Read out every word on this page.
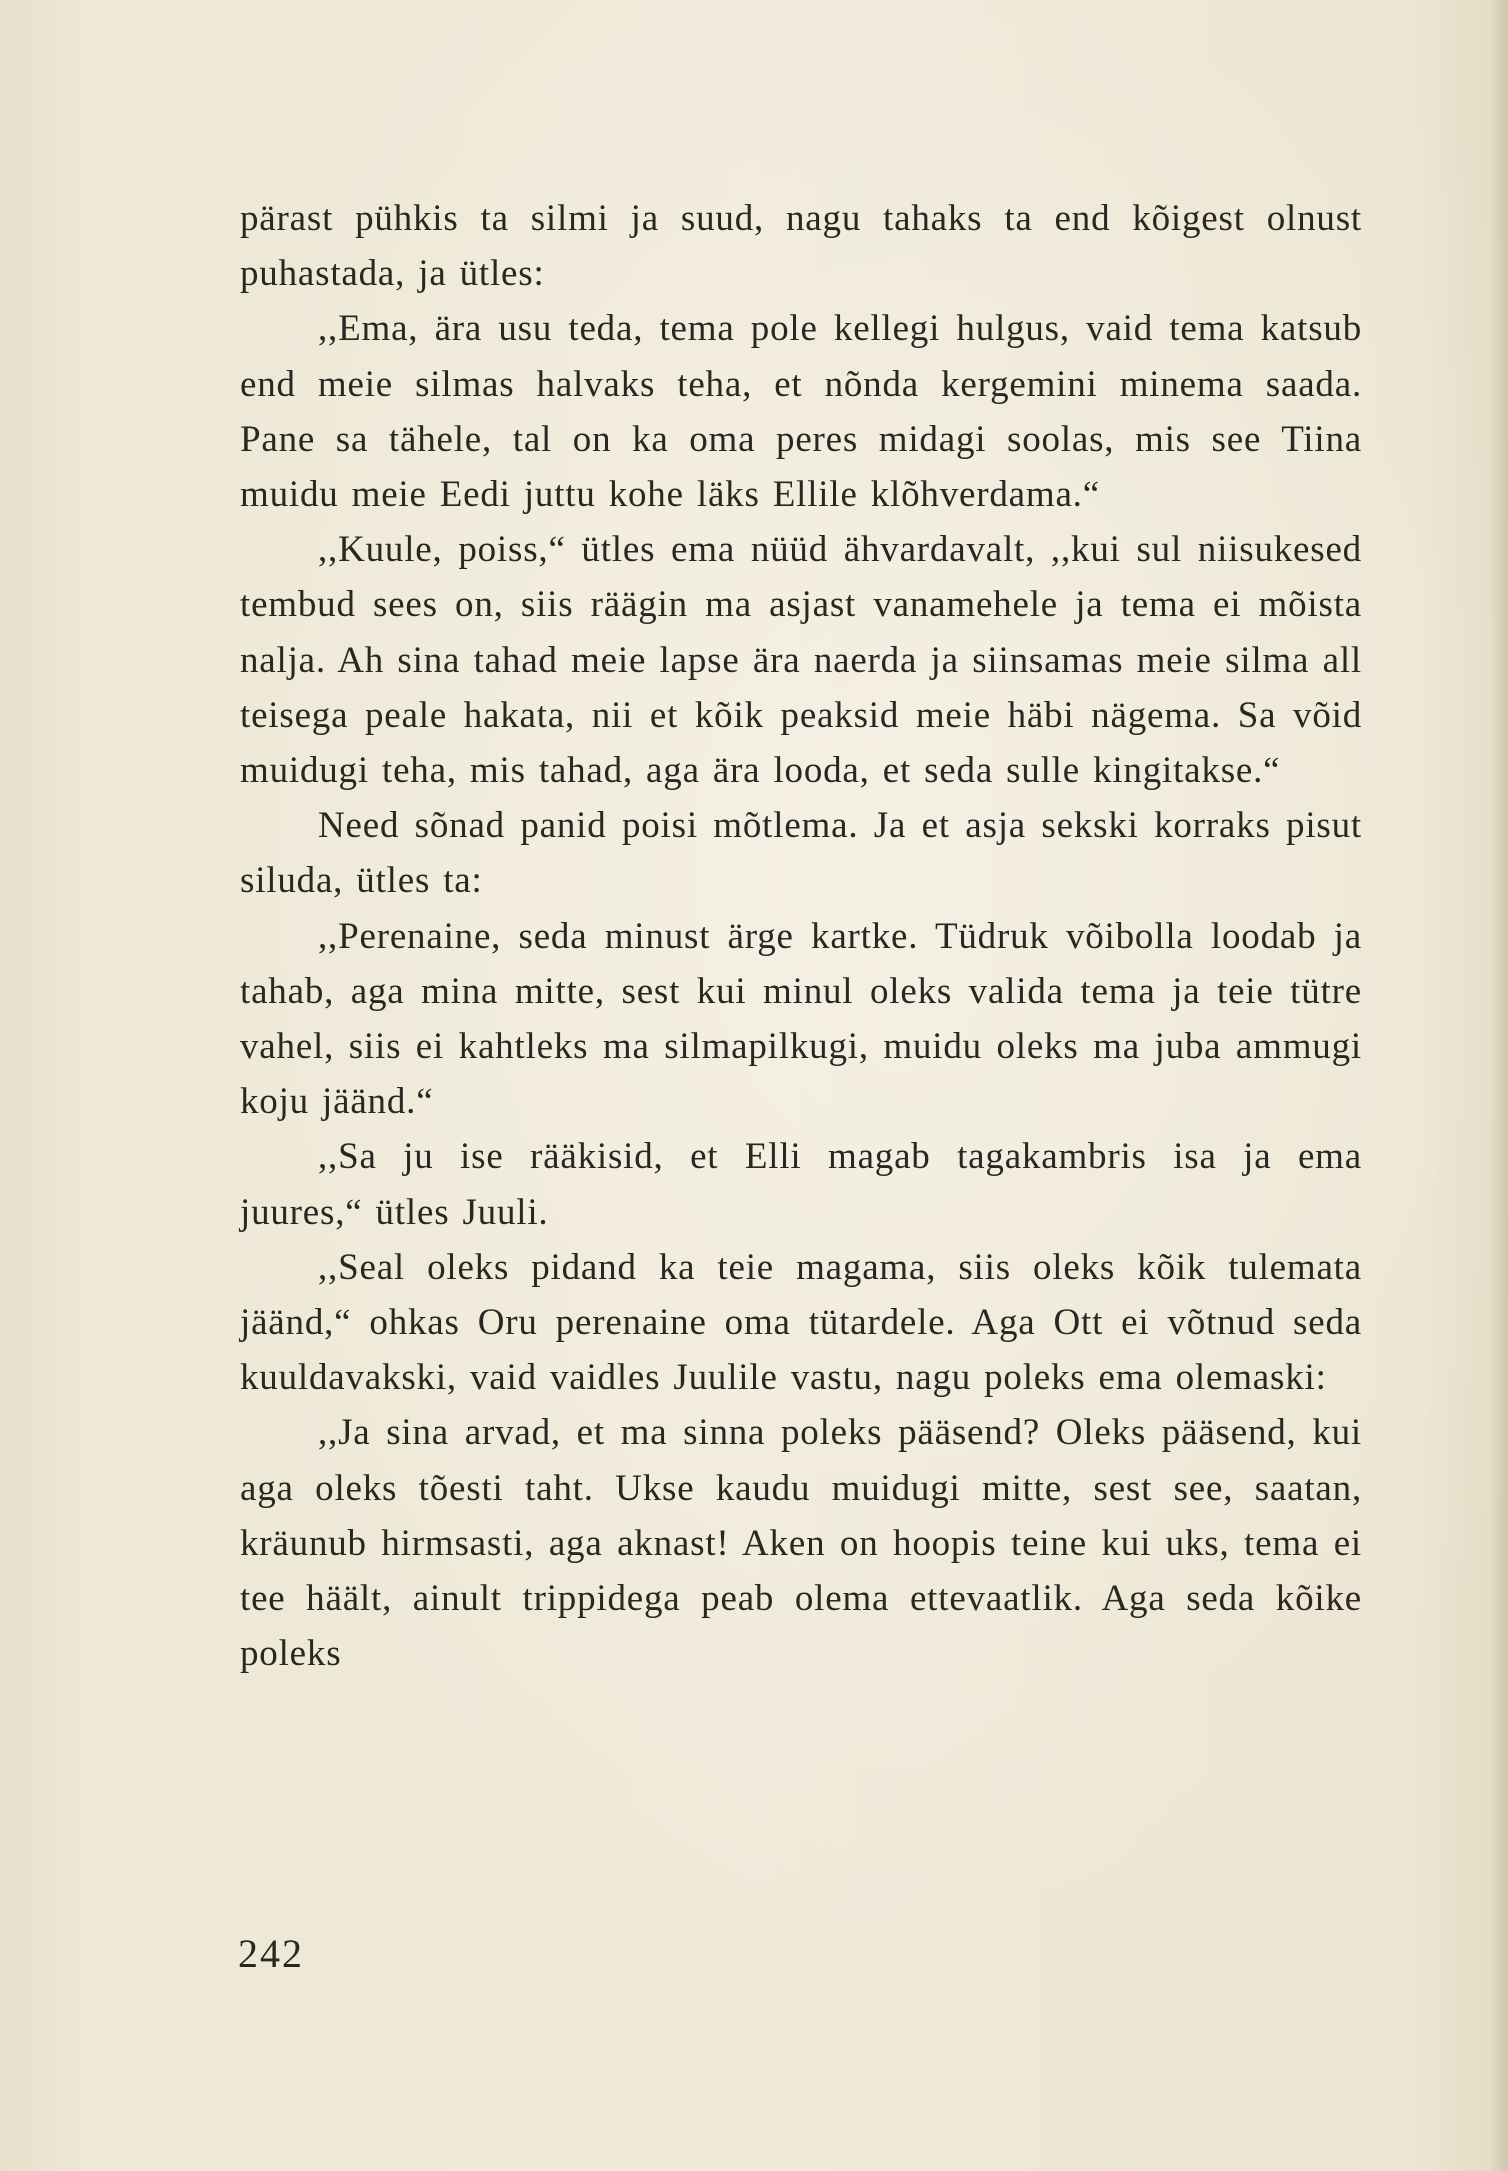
pärast pühkis ta silmi ja suud, nagu tahaks ta end kõigest olnust puhastada, ja ütles:

,,Ema, ära usu teda, tema pole kellegi hulgus, vaid tema katsub end meie silmas halvaks teha, et nõnda kergemini minema saada. Pane sa tähele, tal on ka oma peres midagi soolas, mis see Tiina muidu meie Eedi juttu kohe läks Ellile klõhverdama.“

,,Kuule, poiss,“ ütles ema nüüd ähvardavalt, ,,kui sul niisukesed tembud sees on, siis räägin ma asjast vanamehele ja tema ei mõista nalja. Ah sina tahad meie lapse ära naerda ja siinsamas meie silma all teisega peale hakata, nii et kõik peaksid meie häbi nägema. Sa võid muidugi teha, mis tahad, aga ära looda, et seda sulle kingitakse.“

Need sõnad panid poisi mõtlema. Ja et asja sekski korraks pisut siluda, ütles ta:

,,Perenaine, seda minust ärge kartke. Tüdruk võibolla loodab ja tahab, aga mina mitte, sest kui minul oleks valida tema ja teie tütre vahel, siis ei kahtleks ma silmapilkugi, muidu oleks ma juba ammugi koju jäänd.“

,,Sa ju ise rääkisid, et Elli magab tagakambris isa ja ema juures,“ ütles Juuli.

,,Seal oleks pidand ka teie magama, siis oleks kõik tulemata jäänd,“ ohkas Oru perenaine oma tütardele. Aga Ott ei võtnud seda kuuldavakski, vaid vaidles Juulile vastu, nagu poleks ema olemaski:

,,Ja sina arvad, et ma sinna poleks pääsend? Oleks pääsend, kui aga oleks tõesti taht. Ukse kaudu muidugi mitte, sest see, saatan, kräunub hirmsasti, aga aknast! Aken on hoopis teine kui uks, tema ei tee häält, ainult trippidega peab olema ettevaatlik. Aga seda kõike poleks

242
